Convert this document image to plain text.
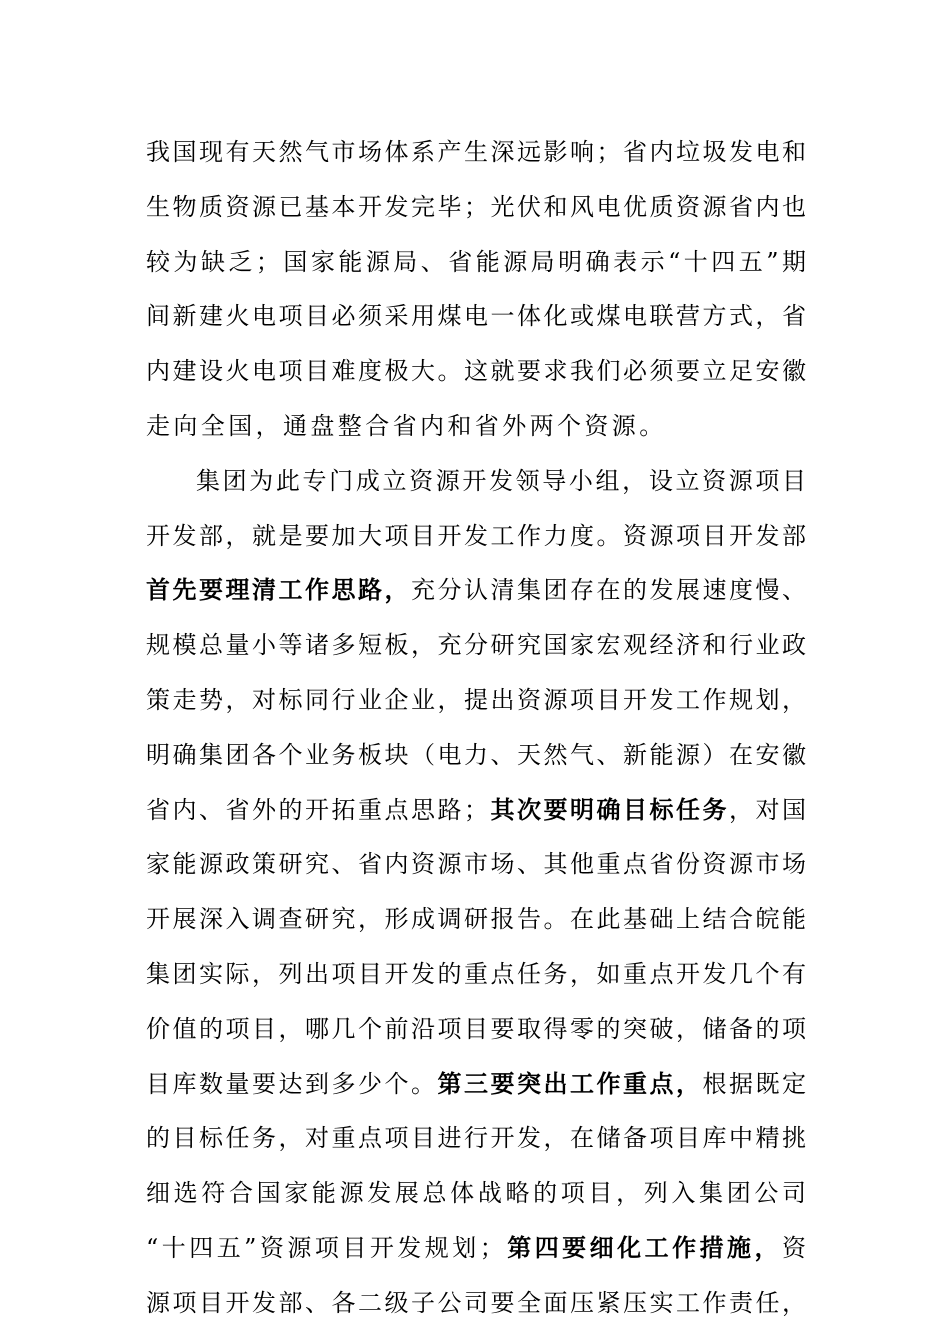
我国现有天然气市场体系产生深远影响；省内垃圾发电和
生物质资源已基本开发完毕；光伏和风电优质资源省内也
较为缺乏；国家能源局、省能源局明确表示“十四五”期
间新建火电项目必须采用煤电一体化或煤电联营方式，省
内建设火电项目难度极大。这就要求我们必须要立足安徽
走向全国，通盘整合省内和省外两个资源。
集团为此专门成立资源开发领导小组，设立资源项目
开发部，就是要加大项目开发工作力度。资源项目开发部
首先要理清工作思路，充分认清集团存在的发展速度慢、
规模总量小等诸多短板，充分研究国家宏观经济和行业政
策走势，对标同行业企业，提出资源项目开发工作规划，
明确集团各个业务板块（电力、天然气、新能源）在安徽
省内、省外的开拓重点思路；其次要明确目标任务，对国
家能源政策研究、省内资源市场、其他重点省份资源市场
开展深入调查研究，形成调研报告。在此基础上结合皖能
集团实际，列出项目开发的重点任务，如重点开发几个有
价值的项目，哪几个前沿项目要取得零的突破，储备的项
目库数量要达到多少个。第三要突出工作重点，根据既定
的目标任务，对重点项目进行开发，在储备项目库中精挑
细选符合国家能源发展总体战略的项目，列入集团公司
“十四五”资源项目开发规划；第四要细化工作措施，资
源项目开发部、各二级子公司要全面压紧压实工作责任，
